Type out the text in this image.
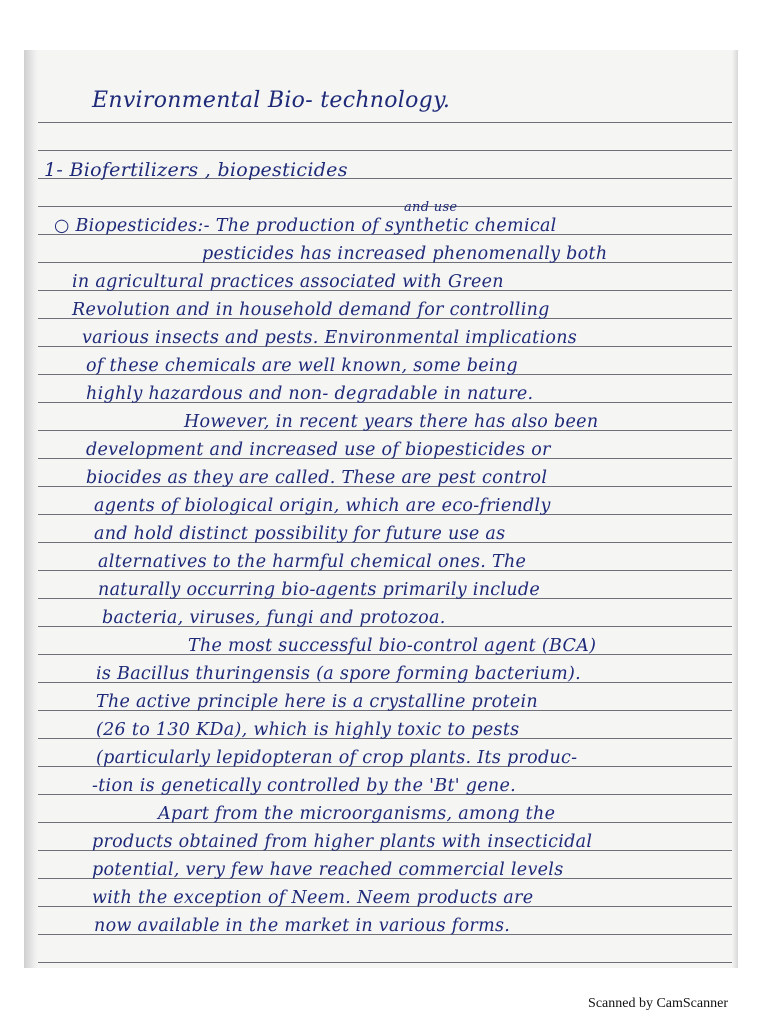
Environmental Bio- technology.
1- Biofertilizers , biopesticides
and use
○ Biopesticides:- The production of synthetic chemical
pesticides has increased phenomenally both
in agricultural practices associated with Green
Revolution and in household demand for controlling
various insects and pests. Environmental implications
of these chemicals are well known, some being
highly hazardous and non- degradable in nature.
However, in recent years there has also been
development and increased use of biopesticides or
biocides as they are called. These are pest control
agents of biological origin, which are eco-friendly
and hold distinct possibility for future use as
alternatives to the harmful chemical ones. The
naturally occurring bio-agents primarily include
bacteria, viruses, fungi and protozoa.
The most successful bio-control agent (BCA)
is Bacillus thuringensis (a spore forming bacterium).
The active principle here is a crystalline protein
(26 to 130 KDa), which is highly toxic to pests
(particularly lepidopteran of crop plants. Its produc-
-tion is genetically controlled by the 'Bt' gene.
Apart from the microorganisms, among the
products obtained from higher plants with insecticidal
potential, very few have reached commercial levels
with the exception of Neem. Neem products are
now available in the market in various forms.
Scanned by CamScanner
